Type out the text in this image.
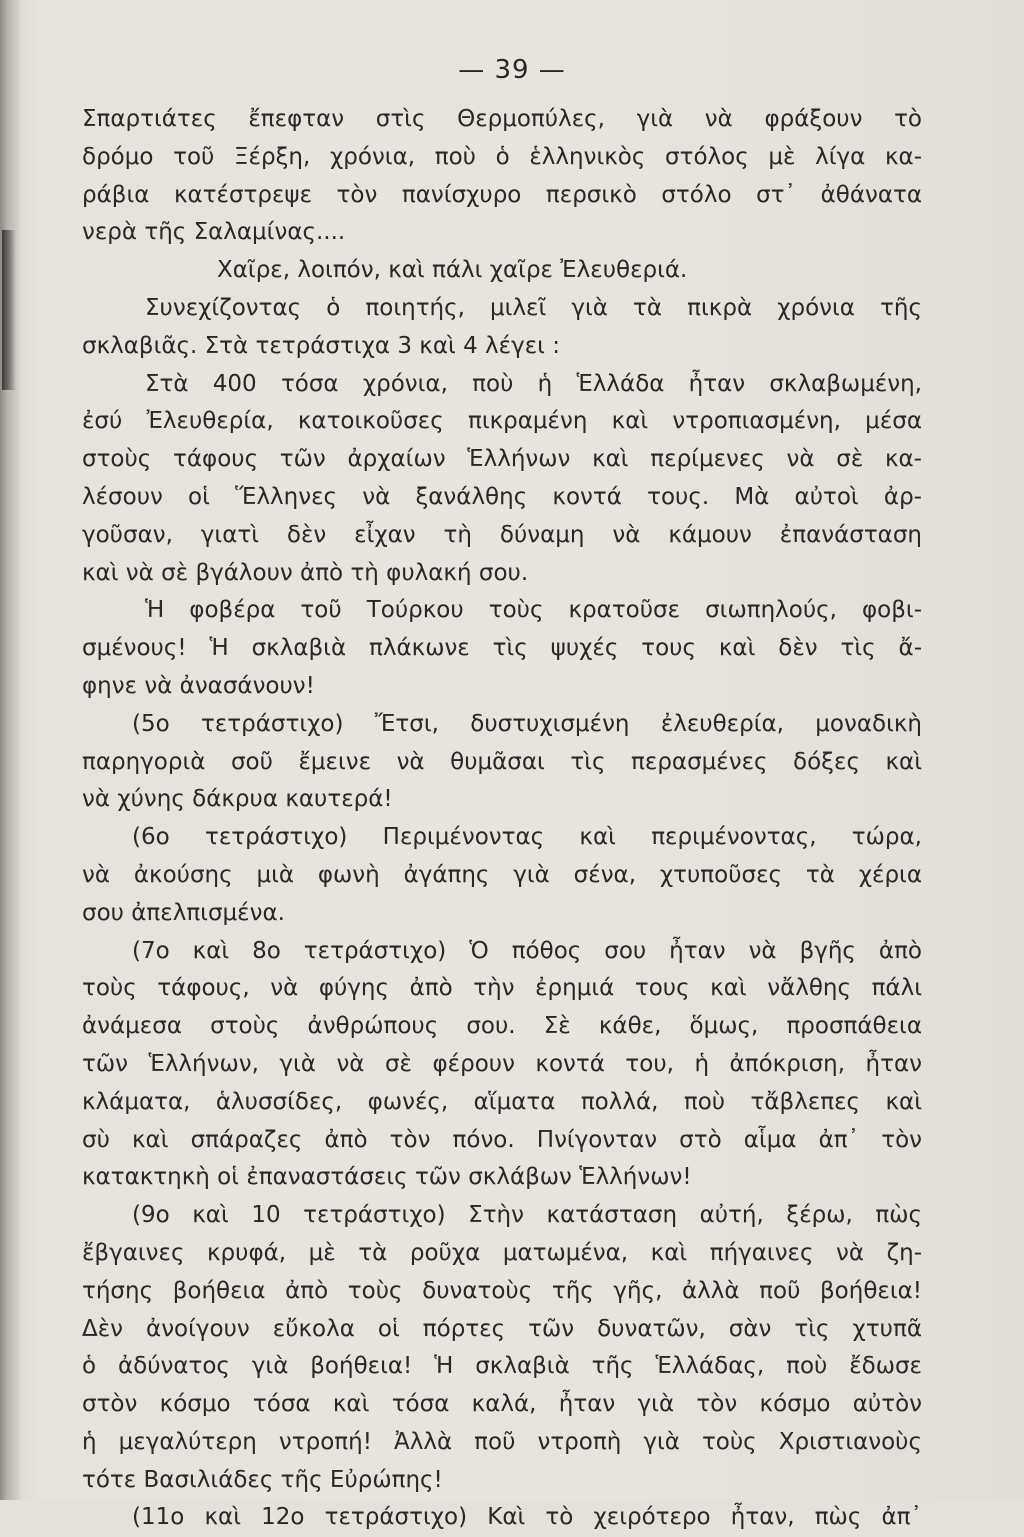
— 39 —
Σπαρτιάτες ἔπεφταν στὶς Θερμοπύλες, γιὰ νὰ φράξουν τὸ
δρόμο τοῦ Ξέρξη, χρόνια, ποὺ ὁ ἑλληνικὸς στόλος μὲ λίγα κα-
ράβια κατέστρεψε τὸν πανίσχυρο περσικὸ στόλο στ᾿ ἀθάνατα
νερὰ τῆς Σαλαμίνας....
Χαῖρε, λοιπόν, καὶ πάλι χαῖρε Ἐλευθεριά.
Συνεχίζοντας ὁ ποιητής, μιλεῖ γιὰ τὰ πικρὰ χρόνια τῆς
σκλαβιᾶς. Στὰ τετράστιχα 3 καὶ 4 λέγει :
Στὰ 400 τόσα χρόνια, ποὺ ἡ Ἑλλάδα ἦταν σκλαβωμένη,
ἐσύ Ἐλευθερία, κατοικοῦσες πικραμένη καὶ ντροπιασμένη, μέσα
στοὺς τάφους τῶν ἀρχαίων Ἑλλήνων καὶ περίμενες νὰ σὲ κα-
λέσουν οἱ Ἕλληνες νὰ ξανάλθης κοντά τους. Μὰ αὐτοὶ ἀρ-
γοῦσαν, γιατὶ δὲν εἶχαν τὴ δύναμη νὰ κάμουν ἐπανάσταση
καὶ νὰ σὲ βγάλουν ἀπὸ τὴ φυλακή σου.
Ἡ φοβέρα τοῦ Τούρκου τοὺς κρατοῦσε σιωπηλούς, φοβι-
σμένους! Ἡ σκλαβιὰ πλάκωνε τὶς ψυχές τους καὶ δὲν τὶς ἄ-
φηνε νὰ ἀνασάνουν!
(5ο τετράστιχο) Ἔτσι, δυστυχισμένη ἐλευθερία, μοναδικὴ
παρηγοριὰ σοῦ ἔμεινε νὰ θυμᾶσαι τὶς περασμένες δόξες καὶ
νὰ χύνης δάκρυα καυτερά!
(6ο τετράστιχο) Περιμένοντας καὶ περιμένοντας, τώρα,
νὰ ἀκούσης μιὰ φωνὴ ἀγάπης γιὰ σένα, χτυποῦσες τὰ χέρια
σου ἀπελπισμένα.
(7ο καὶ 8ο τετράστιχο) Ὁ πόθος σου ἦταν νὰ βγῆς ἀπὸ
τοὺς τάφους, νὰ φύγης ἀπὸ τὴν ἐρημιά τους καὶ νἄλθης πάλι
ἀνάμεσα στοὺς ἀνθρώπους σου. Σὲ κάθε, ὅμως, προσπάθεια
τῶν Ἑλλήνων, γιὰ νὰ σὲ φέρουν κοντά του, ἡ ἀπόκριση, ἦταν
κλάματα, ἁλυσσίδες, φωνές, αἵματα πολλά, ποὺ τἄβλεπες καὶ
σὺ καὶ σπάραζες ἀπὸ τὸν πόνο. Πνίγονταν στὸ αἷμα ἀπ᾿ τὸν
κατακτηκὴ οἱ ἐπαναστάσεις τῶν σκλάβων Ἑλλήνων!
(9ο καὶ 10 τετράστιχο) Στὴν κατάσταση αὐτή, ξέρω, πὼς
ἔβγαινες κρυφά, μὲ τὰ ροῦχα ματωμένα, καὶ πήγαινες νὰ ζη-
τήσης βοήθεια ἀπὸ τοὺς δυνατοὺς τῆς γῆς, ἀλλὰ ποῦ βοήθεια!
Δὲν ἀνοίγουν εὔκολα οἱ πόρτες τῶν δυνατῶν, σὰν τὶς χτυπᾶ
ὁ ἀδύνατος γιὰ βοήθεια! Ἡ σκλαβιὰ τῆς Ἑλλάδας, ποὺ ἔδωσε
στὸν κόσμο τόσα καὶ τόσα καλά, ἦταν γιὰ τὸν κόσμο αὐτὸν
ἡ μεγαλύτερη ντροπή! Ἀλλὰ ποῦ ντροπὴ γιὰ τοὺς Χριστιανοὺς
τότε Βασιλιάδες τῆς Εὐρώπης!
(11ο καὶ 12ο τετράστιχο) Καὶ τὸ χειρότερο ἦταν, πὼς ἀπ᾿
